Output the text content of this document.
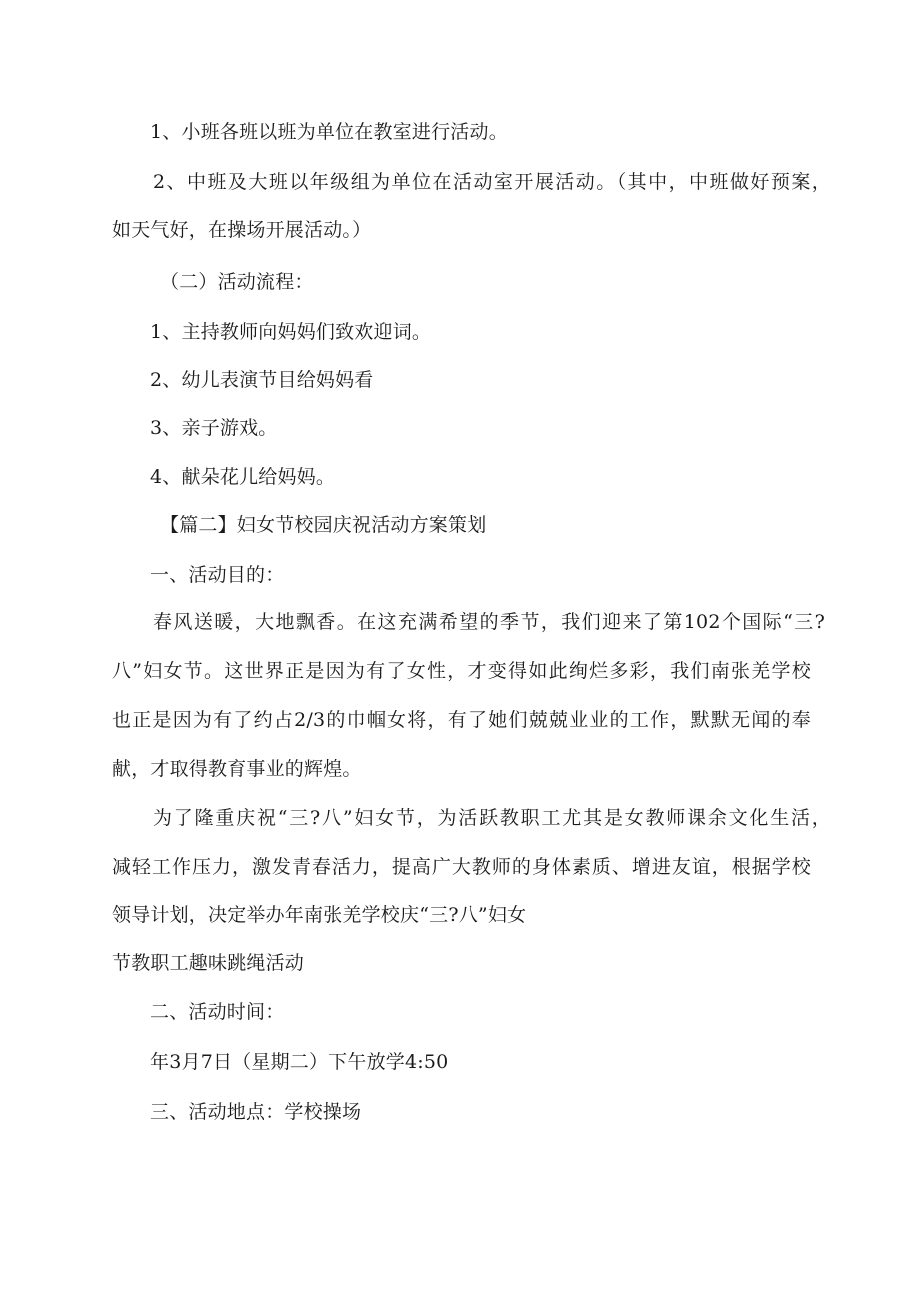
1、小班各班以班为单位在教室进行活动。
2、中班及大班以年级组为单位在活动室开展活动。（其中，中班做好预案，
如天气好，在操场开展活动。）
（二）活动流程：
1、主持教师向妈妈们致欢迎词。
2、幼儿表演节目给妈妈看
3、亲子游戏。
4、献朵花儿给妈妈。
【篇二】妇女节校园庆祝活动方案策划
一、活动目的：
春风送暖，大地飘香。在这充满希望的季节，我们迎来了第102个国际“三?
八”妇女节。这世界正是因为有了女性，才变得如此绚烂多彩，我们南张羌学校
也正是因为有了约占2/3的巾帼女将，有了她们兢兢业业的工作，默默无闻的奉
献，才取得教育事业的辉煌。
为了隆重庆祝“三?八”妇女节，为活跃教职工尤其是女教师课余文化生活，
减轻工作压力，激发青春活力，提高广大教师的身体素质、增进友谊，根据学校
领导计划，决定举办年南张羌学校庆“三?八”妇女
节教职工趣味跳绳活动
二、活动时间：
年3月7日（星期二）下午放学4:50
三、活动地点：学校操场
